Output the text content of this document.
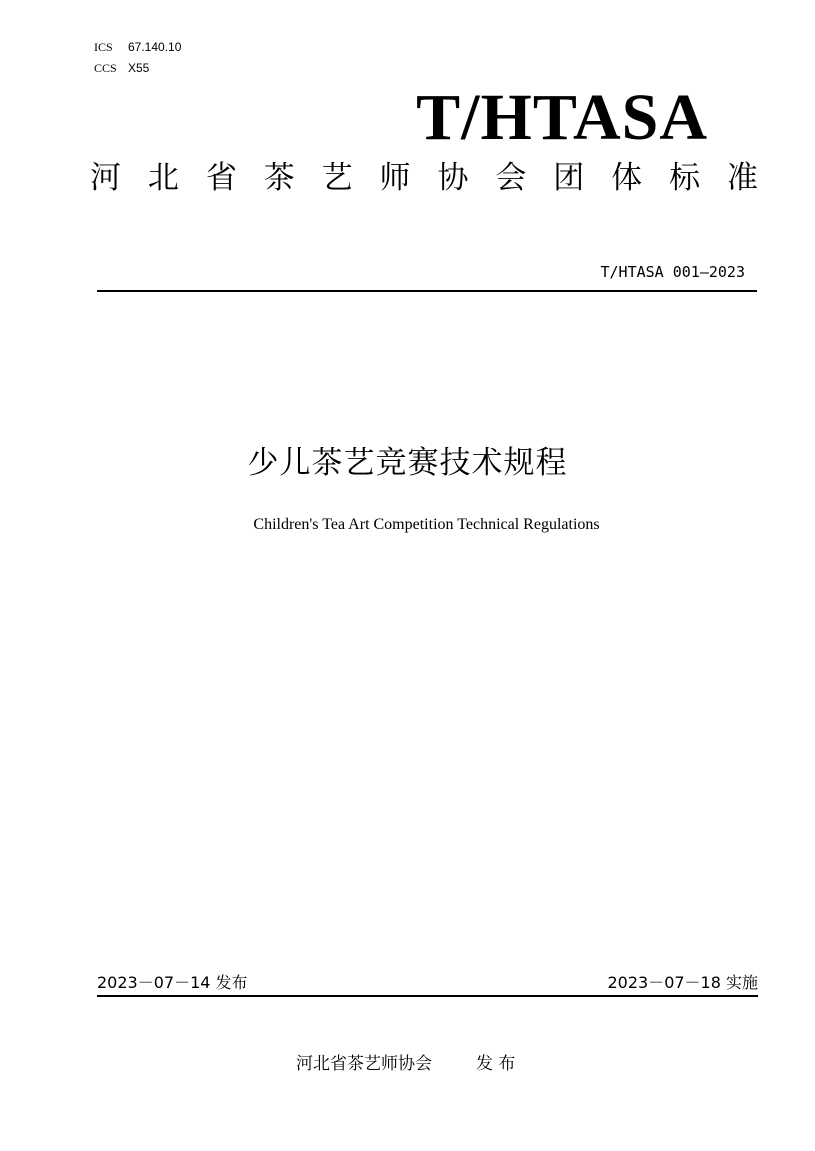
ICS 67.140.10
CCS X55
T/HTASA
河 北 省 茶 艺 师 协 会 团 体 标 准
T/HTASA 001—2023
少儿茶艺竞赛技术规程
Children's Tea Art Competition Technical Regulations
2023－07－14 发布	2023－07－18 实施
河北省茶艺师协会	发 布
